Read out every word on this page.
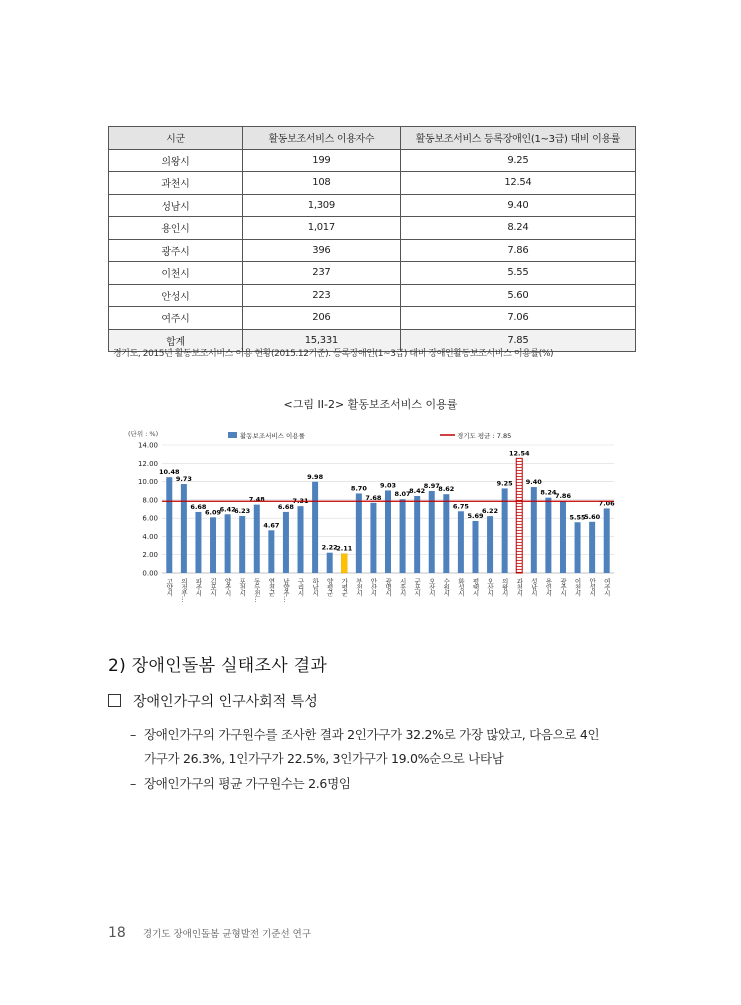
시군	활동보조서비스 이용자수	활동보조서비스 등록장애인(1~3급) 대비 이용률
의왕시	199	9.25
과천시	108	12.54
성남시	1,309	9.40
용인시	1,017	8.24
광주시	396	7.86
이천시	237	5.55
안성시	223	5.60
여주시	206	7.06
합계	15,331	7.85
경기도, 2015년 활동보조서비스 이용 현황(2015.12기준). 등록장애인(1~3급) 대비 장애인활동보조서비스 이용률(%)
<그림 II-2> 활동보조서비스 이용률
(단위 : %)
0.00
2.00
4.00
6.00
8.00
10.00
12.00
14.00
활동보조서비스 이용률	경기도 평균 : 7.85
10.48
고양시
9.73
의정부…
6.68
파주시
6.09
김포시
6.42
양주시
6.23
포천시
7.48
동두천…
4.67
연천군
6.68
남양주…
7.31
구리시
9.98
하남시
2.22
양평군
2.11
가평군
8.70
부천시
7.68
안산시
9.03
광명시
8.07
시흥시
8.42
군포시
8.97
오산시
8.62
수원시
6.75
화성시
5.69
평택시
6.22
오산시
9.25
의왕시
12.54
과천시
9.40
성남시
8.24
용인시
7.86
광주시
5.55
이천시
5.60
안성시
7.06
여주시
2) 장애인돌봄 실태조사 결과
장애인가구의 인구사회적 특성
– 장애인가구의 가구원수를 조사한 결과 2인가구가 32.2%로 가장 많았고, 다음으로 4인
가구가 26.3%, 1인가구가 22.5%, 3인가구가 19.0%순으로 나타남
– 장애인가구의 평균 가구원수는 2.6명임
18 경기도 장애인돌봄 균형발전 기준선 연구
